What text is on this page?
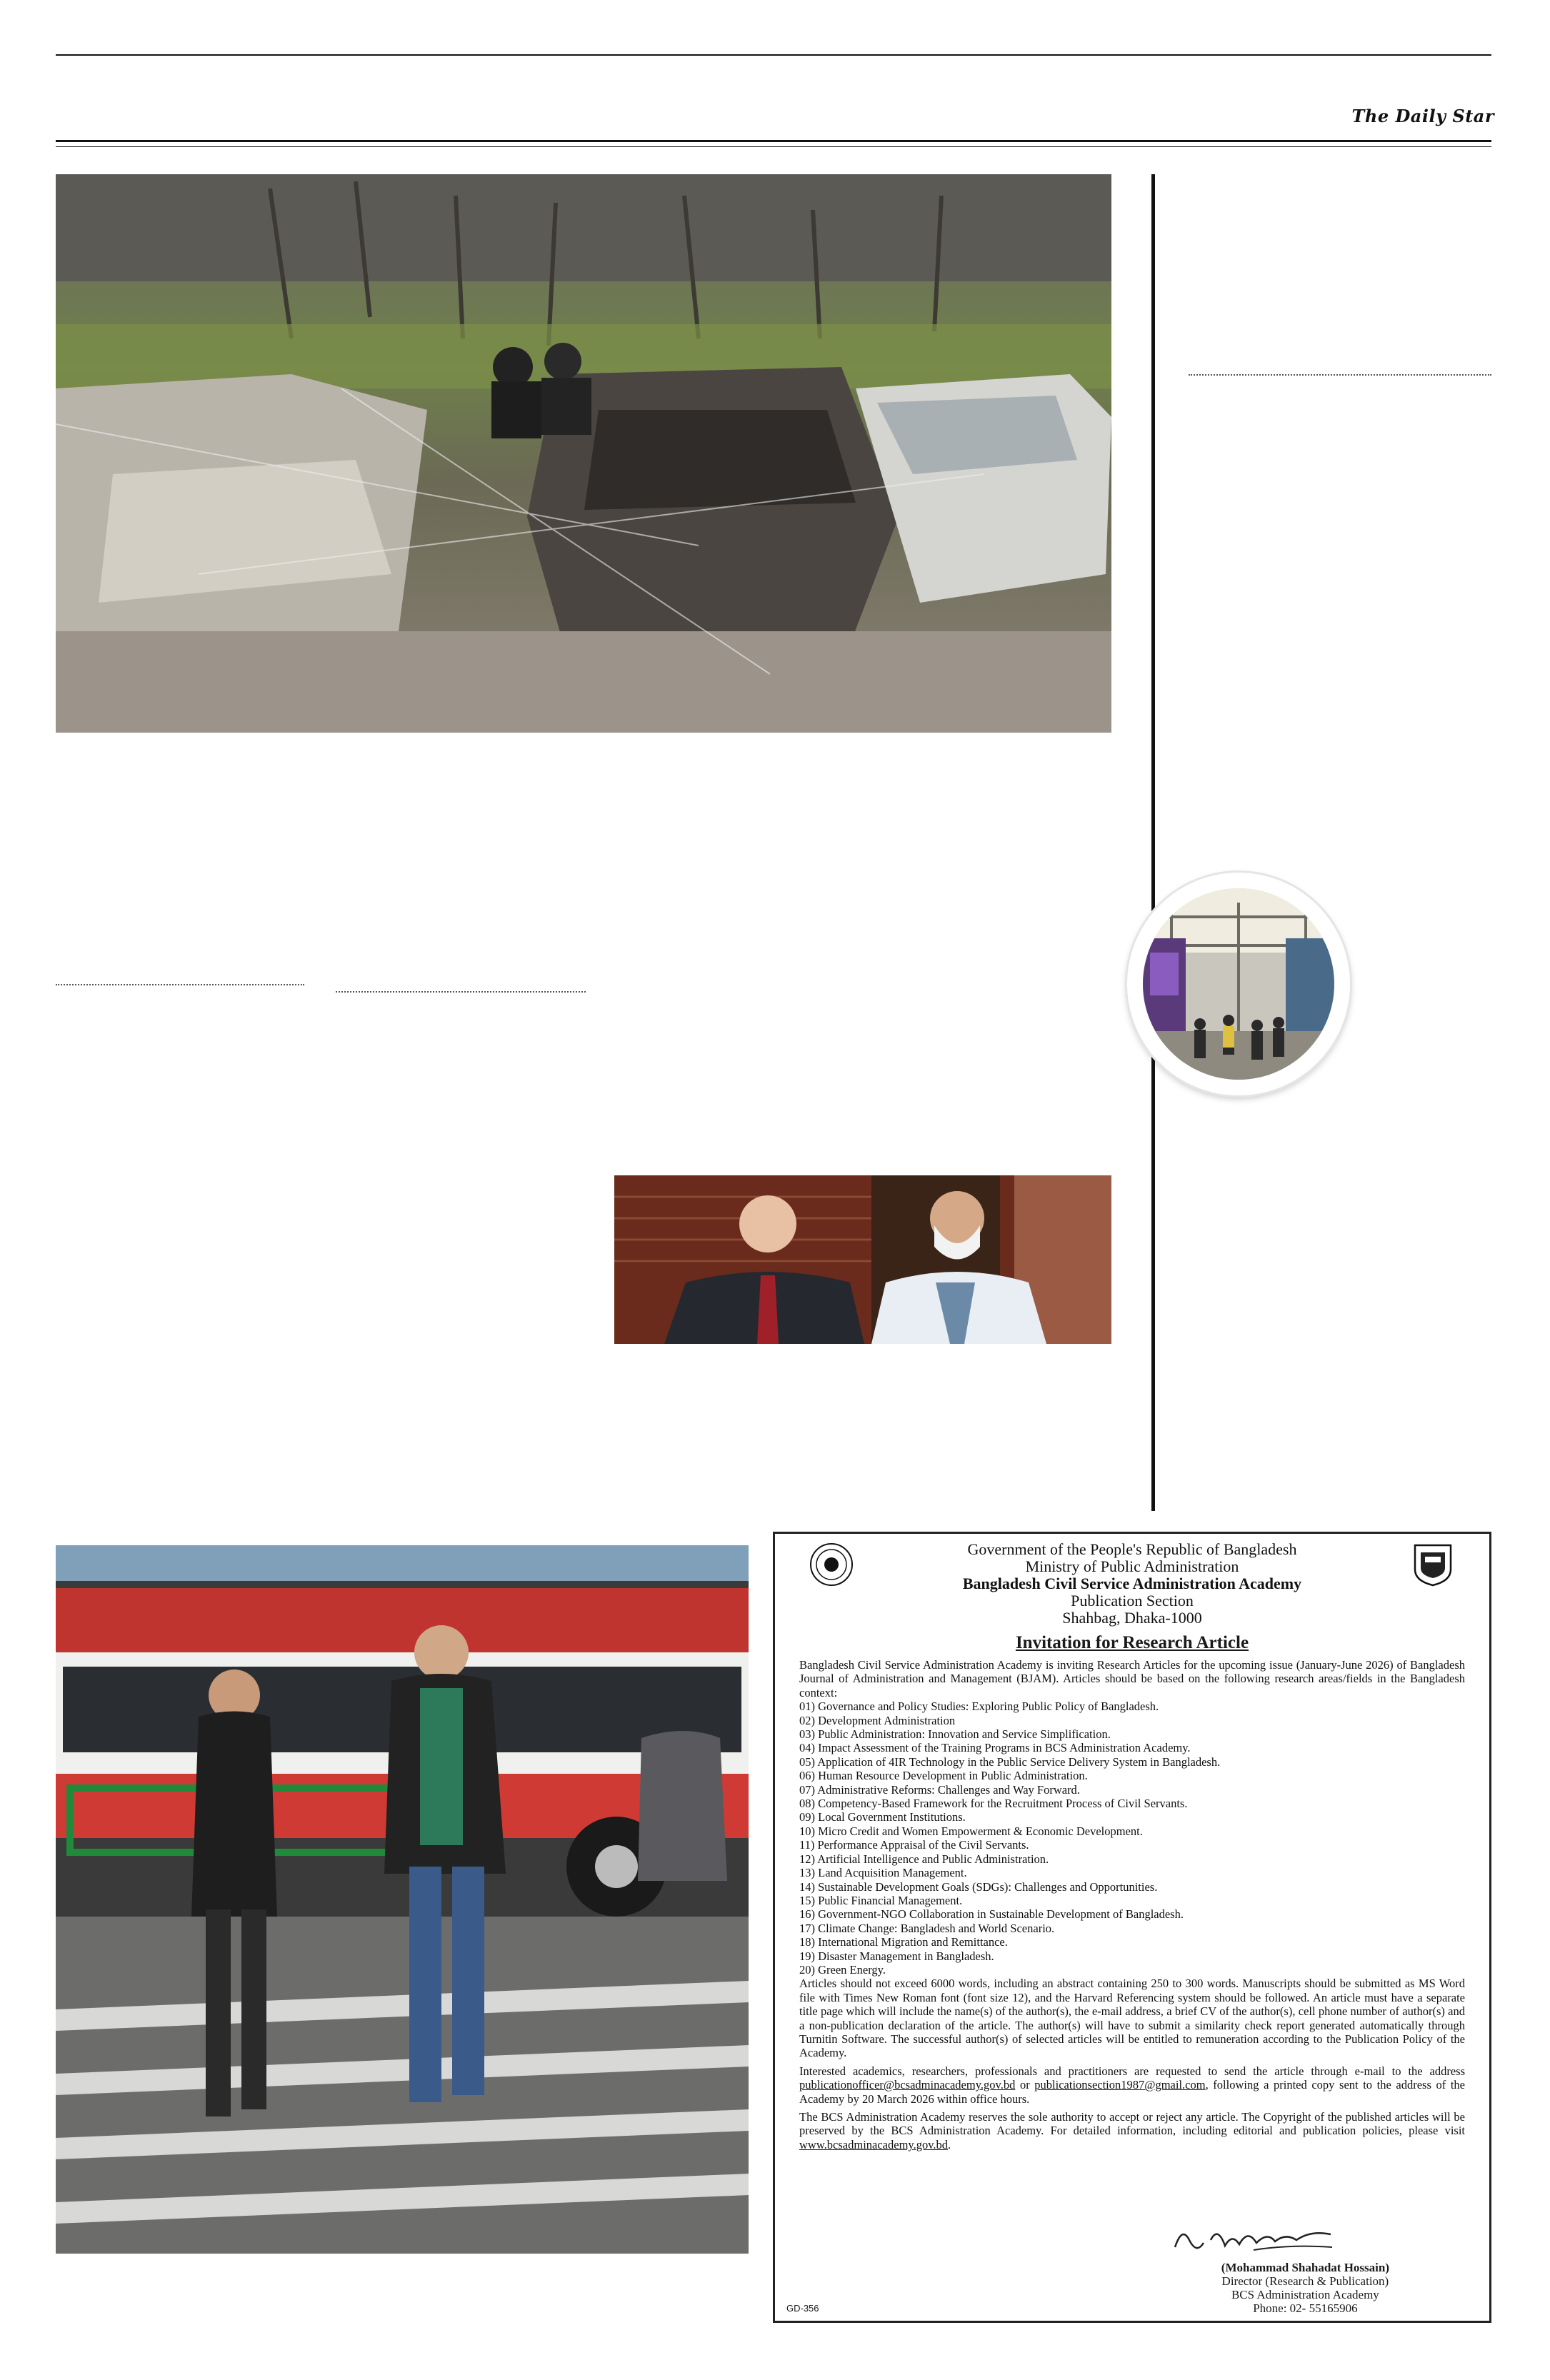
The Daily Star
Government of the People's Republic of Bangladesh
Ministry of Public Administration
Bangladesh Civil Service Administration Academy
Publication Section
Shahbag, Dhaka-1000
Invitation for Research Article

Bangladesh Civil Service Administration Academy is inviting Research Articles for the upcoming issue (January-June 2026) of Bangladesh Journal of Administration and Management (BJAM). Articles should be based on the following research areas/fields in the Bangladesh context:

01) Governance and Policy Studies: Exploring Public Policy of Bangladesh.
02) Development Administration
03) Public Administration: Innovation and Service Simplification.
04) Impact Assessment of the Training Programs in BCS Administration Academy.
05) Application of 4IR Technology in the Public Service Delivery System in Bangladesh.
06) Human Resource Development in Public Administration.
07) Administrative Reforms: Challenges and Way Forward.
08) Competency-Based Framework for the Recruitment Process of Civil Servants.
09) Local Government Institutions.
10) Micro Credit and Women Empowerment & Economic Development.
11) Performance Appraisal of the Civil Servants.
12) Artificial Intelligence and Public Administration.
13) Land Acquisition Management.
14) Sustainable Development Goals (SDGs): Challenges and Opportunities.
15) Public Financial Management.
16) Government-NGO Collaboration in Sustainable Development of Bangladesh.
17) Climate Change: Bangladesh and World Scenario.
18) International Migration and Remittance.
19) Disaster Management in Bangladesh.
20) Green Energy.

Articles should not exceed 6000 words, including an abstract containing 250 to 300 words. Manuscripts should be submitted as MS Word file with Times New Roman font (font size 12), and the Harvard Referencing system should be followed. An article must have a separate title page which will include the name(s) of the author(s), the e-mail address, a brief CV of the author(s), cell phone number of author(s) and a non-publication declaration of the article. The author(s) will have to submit a similarity check report generated automatically through Turnitin Software. The successful author(s) of selected articles will be entitled to remuneration according to the Publication Policy of the Academy.

Interested academics, researchers, professionals and practitioners are requested to send the article through e-mail to the address publicationofficer@bcsadminacademy.gov.bd or publicationsection1987@gmail.com, following a printed copy sent to the address of the Academy by 20 March 2026 within office hours.

The BCS Administration Academy reserves the sole authority to accept or reject any article. The Copyright of the published articles will be preserved by the BCS Administration Academy. For detailed information, including editorial and publication policies, please visit www.bcsadminacademy.gov.bd.

(Mohammad Shahadat Hossain)
Director (Research & Publication)
BCS Administration Academy
Phone: 02- 55165906
GD-356
